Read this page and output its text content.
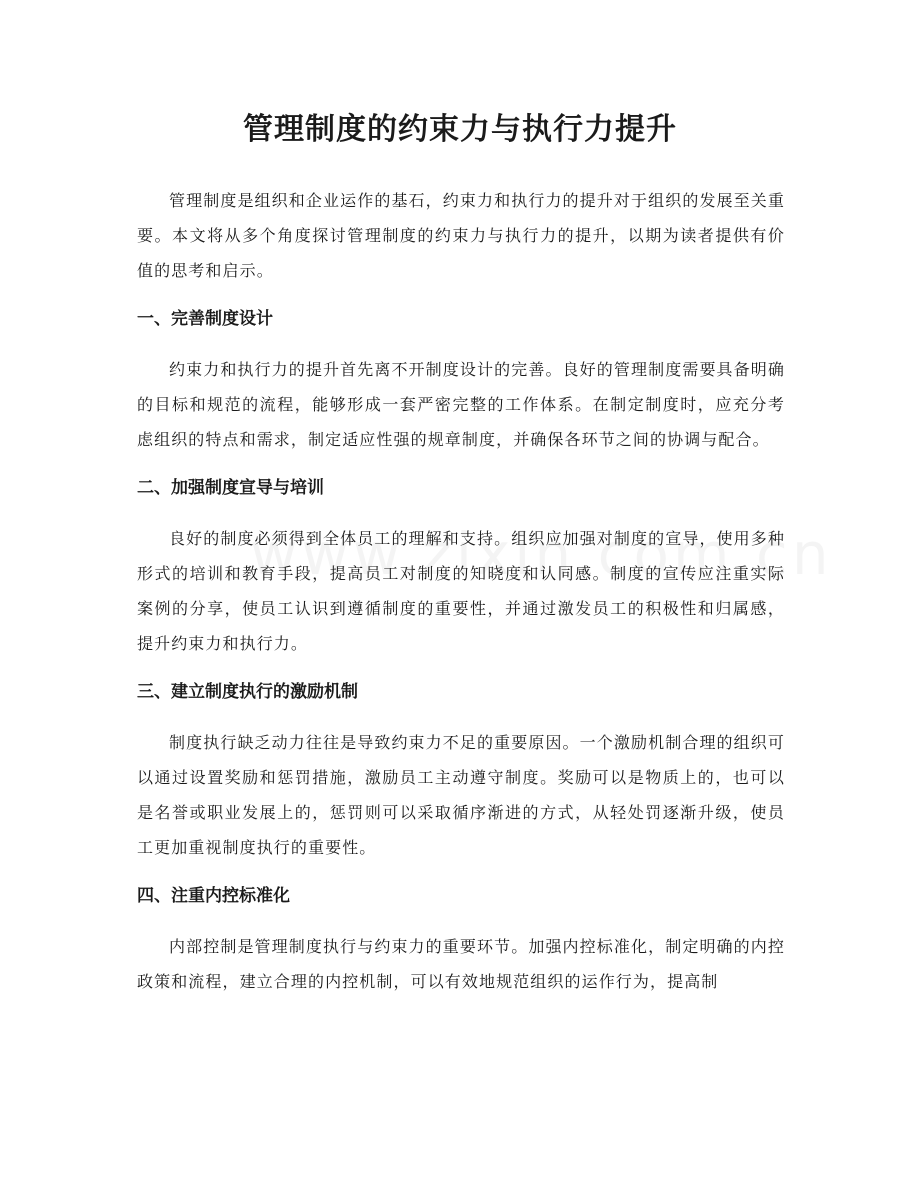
管理制度的约束力与执行力提升

管理制度是组织和企业运作的基石，约束力和执行力的提升对于组织的发展至关重要。本文将从多个角度探讨管理制度的约束力与执行力的提升，以期为读者提供有价值的思考和启示。

一、完善制度设计

约束力和执行力的提升首先离不开制度设计的完善。良好的管理制度需要具备明确的目标和规范的流程，能够形成一套严密完整的工作体系。在制定制度时，应充分考虑组织的特点和需求，制定适应性强的规章制度，并确保各环节之间的协调与配合。

二、加强制度宣导与培训

良好的制度必须得到全体员工的理解和支持。组织应加强对制度的宣导，使用多种形式的培训和教育手段，提高员工对制度的知晓度和认同感。制度的宣传应注重实际案例的分享，使员工认识到遵循制度的重要性，并通过激发员工的积极性和归属感，提升约束力和执行力。

三、建立制度执行的激励机制

制度执行缺乏动力往往是导致约束力不足的重要原因。一个激励机制合理的组织可以通过设置奖励和惩罚措施，激励员工主动遵守制度。奖励可以是物质上的，也可以是名誉或职业发展上的，惩罚则可以采取循序渐进的方式，从轻处罚逐渐升级，使员工更加重视制度执行的重要性。

四、注重内控标准化

内部控制是管理制度执行与约束力的重要环节。加强内控标准化，制定明确的内控政策和流程，建立合理的内控机制，可以有效地规范组织的运作行为，提高制
